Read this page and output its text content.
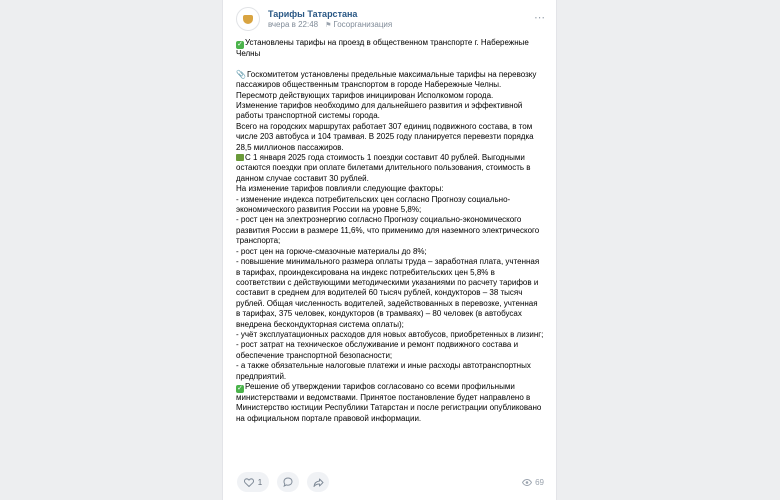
Тарифы Татарстана
вчера в 22:48 ⚑ Госорганизация
⋯

✓ Установлены тарифы на проезд в общественном транспорте г. Набережные Челны

📎Госкомитетом установлены предельные максимальные тарифы на перевозку пассажиров общественным транспортом в городе Набережные Челны.

Пересмотр действующих тарифов инициирован Исполкомом города.

Изменение тарифов необходимо для дальнейшего развития и эффективной работы транспортной системы города.

Всего на городских маршрутах работает 307 единиц подвижного состава, в том числе 203 автобуса и 104 трамвая. В 2025 году планируется перевезти порядка 28,5 миллионов пассажиров.

С 1 января 2025 года стоимость 1 поездки составит 40 рублей. Выгодными остаются поездки при оплате билетами длительного пользования, стоимость в данном случае составит 30 рублей.

На изменение тарифов повлияли следующие факторы:

- изменение индекса потребительских цен согласно Прогнозу социально-экономического развития России на уровне 5,8%;

- рост цен на электроэнергию согласно Прогнозу социально-экономического развития России в размере 11,6%, что применимо для наземного электрического транспорта;

- рост цен на горюче-смазочные материалы до 8%;

- повышение минимального размера оплаты труда – заработная плата, учтенная в тарифах, проиндексирована на индекс потребительских цен 5,8% в соответствии с действующими методическими указаниями по расчету тарифов и составит в среднем для водителей 60 тысяч рублей, кондукторов – 38 тысяч рублей. Общая численность водителей, задействованных в перевозке, учтенная в тарифах, 375 человек, кондукторов (в трамваях) – 80 человек (в автобусах внедрена бескондукторная система оплаты);

- учёт эксплуатационных расходов для новых автобусов, приобретенных в лизинг;

- рост затрат на техническое обслуживание и ремонт подвижного состава и обеспечение транспортной безопасности;

- а также обязательные налоговые платежи и иные расходы автотранспортных предприятий.

✓ Решение об утверждении тарифов согласовано со всеми профильными министерствами и ведомствами. Принятое постановление будет направлено в Министерство юстиции Республики Татарстан и после регистрации опубликовано на официальном портале правовой информации.

1	69
